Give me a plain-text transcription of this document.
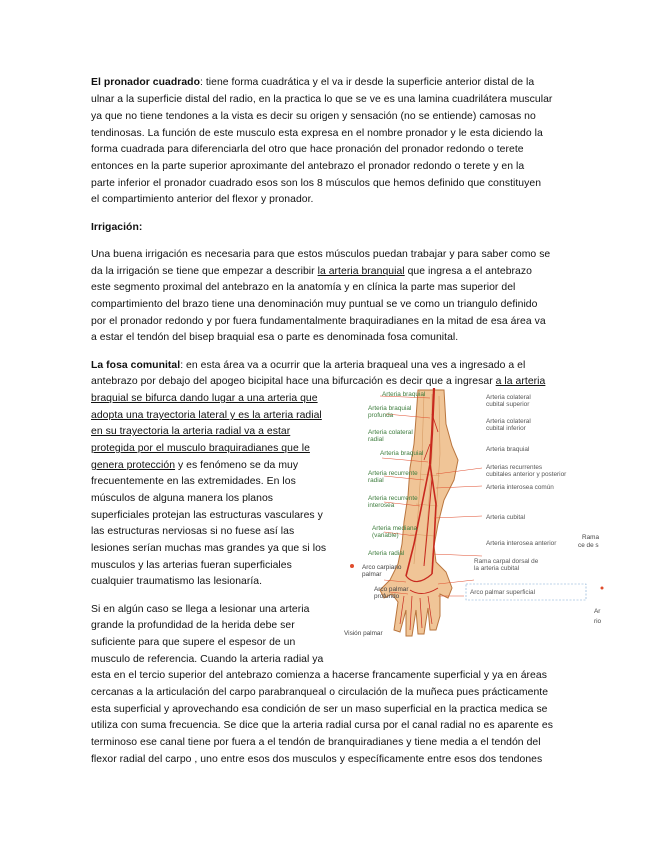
El pronador cuadrado: tiene forma cuadrática y el va ir desde la superficie anterior distal de la
ulnar a la superficie distal del radio, en la practica lo que se ve es una lamina cuadrilátera muscular
ya que no tiene tendones a la vista es decir su origen y sensación (no se entiende) camosas no
tendinosas. La función de este musculo esta expresa en el nombre pronador y le esta diciendo la
forma cuadrada para diferenciarla del otro que hace pronación del pronador redondo o terete
entonces en la parte superior aproximante del antebrazo el pronador redondo o terete y en la
parte inferior el pronador cuadrado esos son los 8 músculos que hemos definido que constituyen
el compartimiento anterior del flexor y pronador.
Irrigación:
Una buena irrigación es necesaria para que estos músculos puedan trabajar y para saber como se
da la irrigación se tiene que empezar a describir la arteria branquial que ingresa a el antebrazo
este segmento proximal del antebrazo en la anatomía y en clínica la parte mas superior del
compartimiento del brazo tiene una denominación muy puntual se ve como un triangulo definido
por el pronador redondo y por fuera fundamentalmente braquiradianes en la mitad de esa área va
a estar el tendón del bisep braquial esa o parte es denominada fosa comunital.
La fosa comunital: en esta área va a ocurrir que la arteria braqueal una ves a ingresado a el
antebrazo por debajo del apogeo bicipital hace una bifurcación es decir que a ingresar a la arteria
braquial se bifurca dando lugar a una arteria que
adopta una trayectoria lateral y es la arteria radial
en su trayectoria la arteria radial va a estar
protegida por el musculo braquiradianes que le
genera protección y es fenómeno se da muy
frecuentemente en las extremidades. En los
músculos de alguna manera los planos
superficiales protejan las estructuras vasculares y
las estructuras nerviosas si no fuese así las
lesiones serían muchas mas grandes ya que si los
musculos y las arterias fueran superficiales
cualquier traumatismo las lesionaría.
Si en algún caso se llega a lesionar una arteria
grande la profundidad de la herida debe ser
suficiente para que supere el espesor de un
musculo de referencia. Cuando la arteria radial ya
esta en el tercio superior del antebrazo comienza a hacerse francamente superficial y ya en áreas
cercanas a la articulación del carpo parabranqueal o circulación de la muñeca pues prácticamente
esta superficial y aprovechando esa condición de ser un maso superficial en la practica medica se
utiliza con suma frecuencia. Se dice que la arteria radial cursa por el canal radial no es aparente es
terminoso ese canal tiene por fuera a el tendón de branquiradianes y tiene media a el tendón del
flexor radial del carpo , uno entre esos dos musculos y específicamente entre esos dos tendones
Arteria braquial
Arteria braquial
profunda
Arteria colateral
radial
Arteria braquial
Arteria recurrente
radial
Arteria recurrente
interosea
Arteria mediana
(variable)
Arteria radial
Arco carpiano
palmar
Arco palmar
profundo
Visión palmar
Arteria colateral
cubital superior
Arteria colateral
cubital inferior
Arteria braquial
Arterias recurrentes
cubitales anterior y posterior
Arteria interosea común
Arteria cubital
Arteria interosea anterior
Rama carpal dorsal de
la arteria cubital
Arco palmar superficial
Rama
ce de s
Ar
rio
